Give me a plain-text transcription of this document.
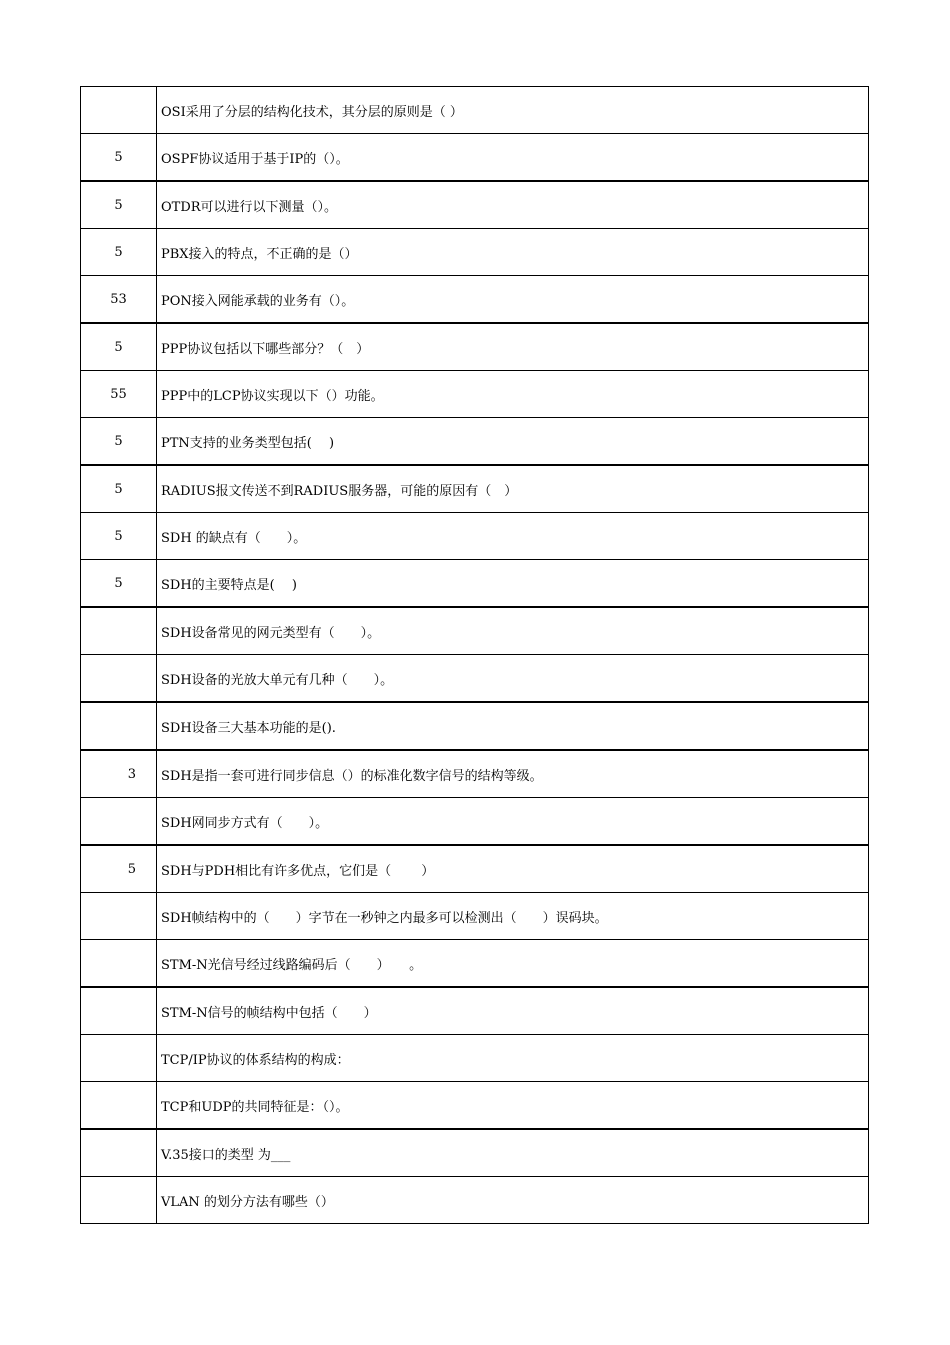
	OSI采用了分层的结构化技术，其分层的原则是（ ）

5	OSPF协议适用于基于IP的（）。

5	OTDR可以进行以下测量（）。

5	PBX接入的特点，不正确的是（）

53	PON接入网能承载的业务有（）。

5	PPP协议包括以下哪些部分？（　）

55	PPP中的LCP协议实现以下（）功能。

5	PTN支持的业务类型包括(　 )

5	RADIUS报文传送不到RADIUS服务器，可能的原因有（　）

5	SDH 的缺点有（　　）。

5	SDH的主要特点是(　 )

	SDH设备常见的网元类型有（　　）。

	SDH设备的光放大单元有几种（　　）。

	SDH设备三大基本功能的是().

3	SDH是指一套可进行同步信息（）的标准化数字信号的结构等级。

	SDH网同步方式有（　　）。

5	SDH与PDH相比有许多优点，它们是（　　 ）

	SDH帧结构中的（　　）字节在一秒钟之内最多可以检测出（　　）误码块。

	STM-N光信号经过线路编码后（　　）　　。

	STM-N信号的帧结构中包括（　　）

	TCP/IP协议的体系结构的构成：

	TCP和UDP的共同特征是：（）。

	V.35接口的类型 为___

	VLAN 的划分方法有哪些（）
